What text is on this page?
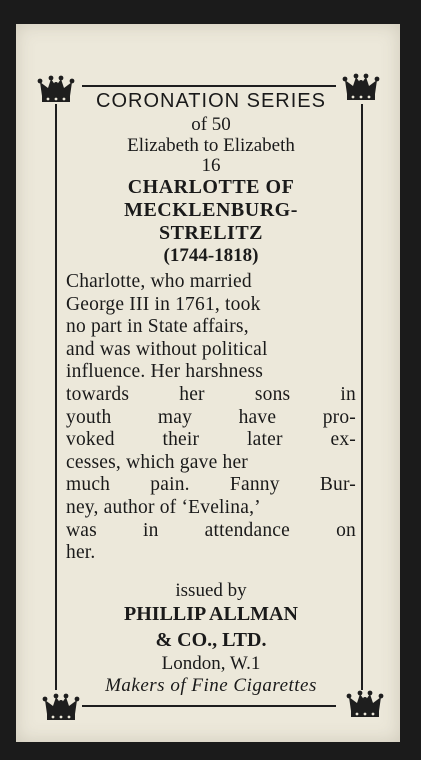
CORONATION SERIES
of 50
Elizabeth to Elizabeth
16
CHARLOTTE OF
MECKLENBURG-
STRELITZ
(1744-1818)
Charlotte, who married
George III in 1761, took
no part in State affairs,
and was without political
influence. Her harshness
towards her sons in
youth may have pro-
voked their later ex-
cesses, which gave her
much pain. Fanny Bur-
ney, author of ‘Evelina,’
was in attendance on
her.
issued by
PHILLIP ALLMAN
& CO., LTD.
London, W.1
Makers of Fine Cigarettes
